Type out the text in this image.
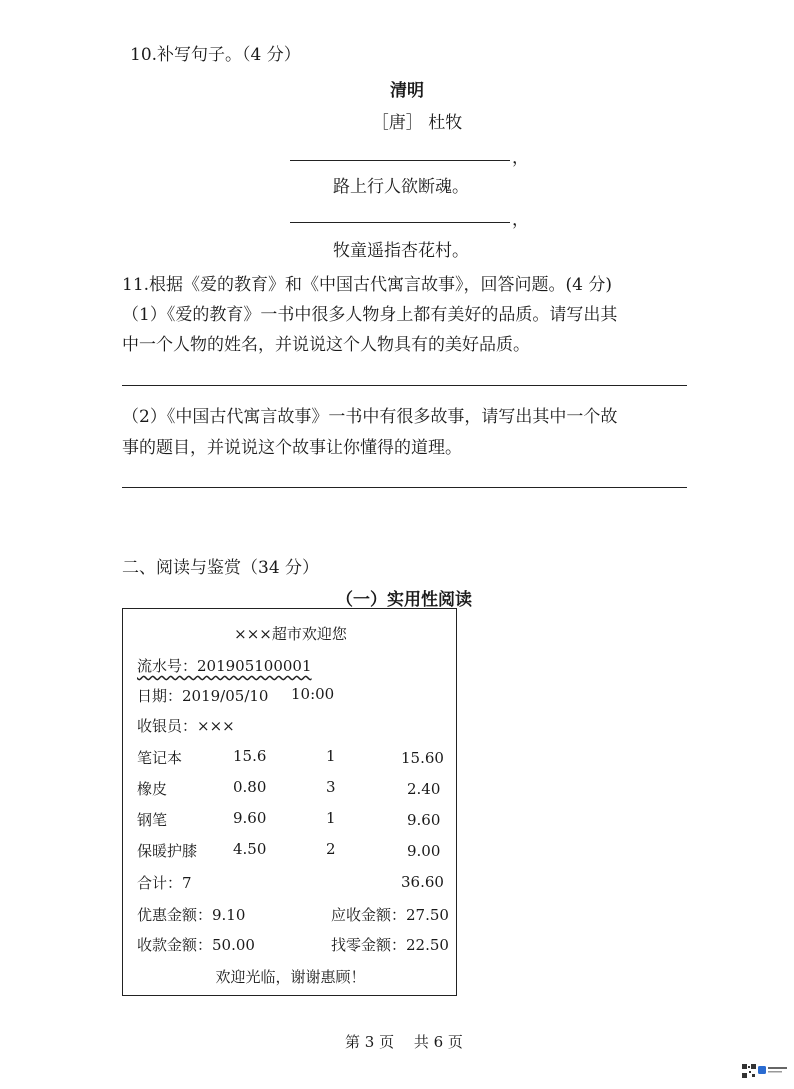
10.补写句子。（4 分）
清明
［唐］ 杜牧
，
路上行人欲断魂。
，
牧童遥指杏花村。
11.根据《爱的教育》和《中国古代寓言故事》，回答问题。(4 分)
（1）《爱的教育》一书中很多人物身上都有美好的品质。请写出其
中一个人物的姓名，并说说这个人物具有的美好品质。
（2）《中国古代寓言故事》一书中有很多故事，请写出其中一个故
事的题目，并说说这个故事让你懂得的道理。
二、阅读与鉴赏（34 分）
（一）实用性阅读
×××超市欢迎您
流水号：201905100001
日期：2019/05/10 10:00
收银员：×××
笔记本	15.6	1	15.60
橡皮	0.80	3	2.40
钢笔	9.60	1	9.60
保暖护膝 4.50	2	9.00
合计：7	36.60
优惠金额：9.10	应收金额：27.50
收款金额：50.00	找零金额：22.50
欢迎光临，谢谢惠顾！
第 3 页　 共 6 页
